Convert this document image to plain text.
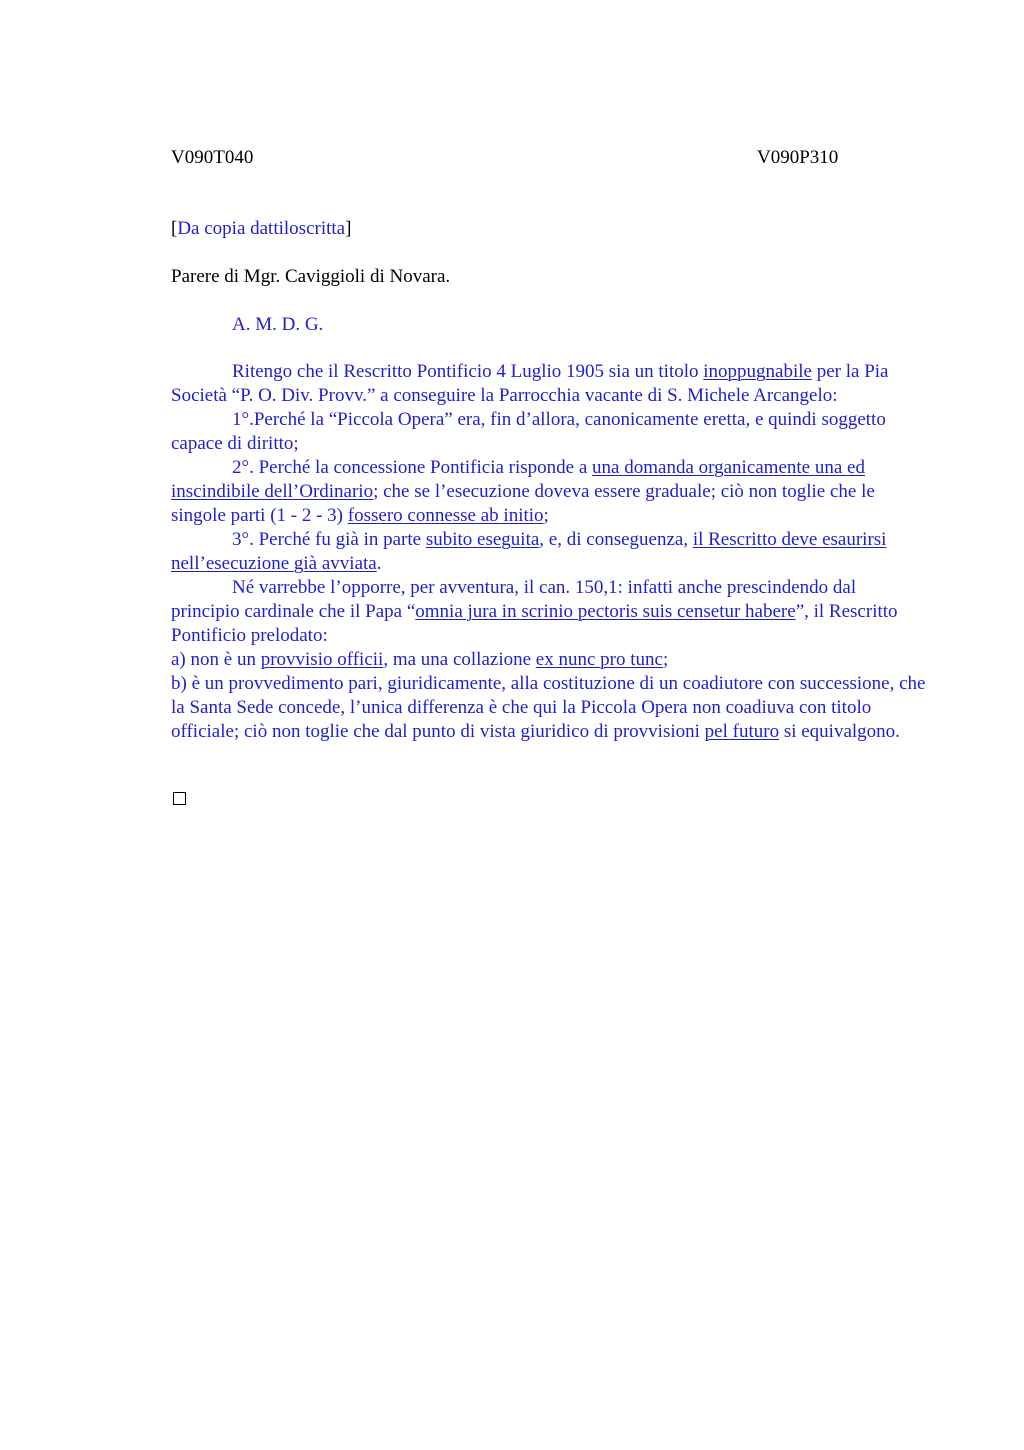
V090T040	V090P310

[Da copia dattiloscritta]

Parere di Mgr. Caviggioli di Novara.

A. M. D. G.

Ritengo che il Rescritto Pontificio 4 Luglio 1905 sia un titolo inoppugnabile per la Pia Società “P. O. Div. Provv.” a conseguire la Parrocchia vacante di S. Michele Arcangelo:

1°.Perché la “Piccola Opera” era, fin d’allora, canonicamente eretta, e quindi soggetto capace di diritto;

2°. Perché la concessione Pontificia risponde a una domanda organicamente una ed inscindibile dell’Ordinario; che se l’esecuzione doveva essere graduale; ciò non toglie che le singole parti (1 - 2 - 3) fossero connesse ab initio;

3°. Perché fu già in parte subito eseguita, e, di conseguenza, il Rescritto deve esaurirsi nell’esecuzione già avviata.

Né varrebbe l’opporre, per avventura, il can. 150,1: infatti anche prescindendo dal principio cardinale che il Papa “omnia jura in scrinio pectoris suis censetur habere”, il Rescritto Pontificio prelodato:

a) non è un provvisio officii, ma una collazione ex nunc pro tunc;

b) è un provvedimento pari, giuridicamente, alla costituzione di un coadiutore con successione, che la Santa Sede concede, l’unica differenza è che qui la Piccola Opera non coadiuva con titolo officiale; ciò non toglie che dal punto di vista giuridico di provvisioni pel futuro si equivalgono.
